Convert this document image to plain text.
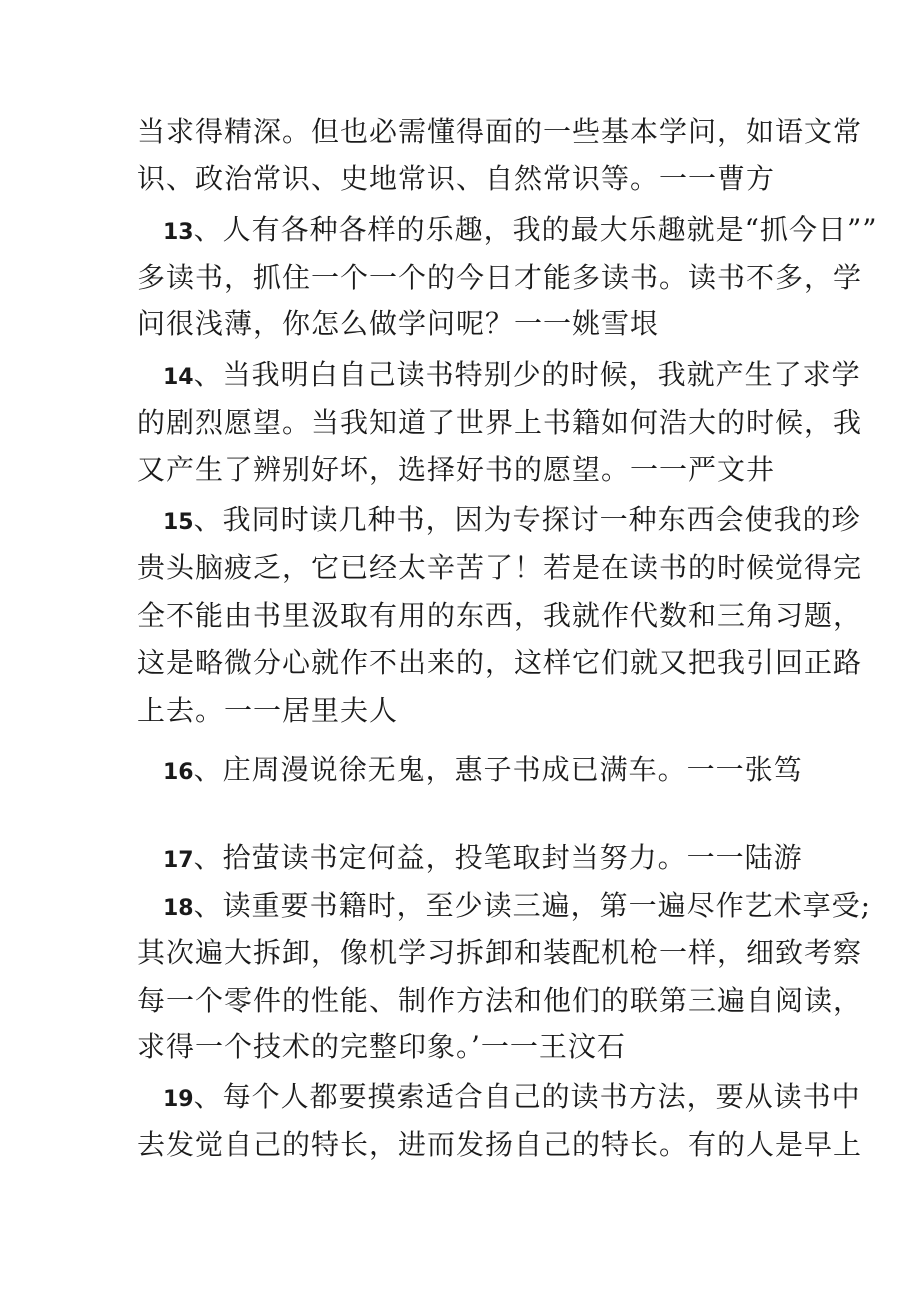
当求得精深。但也必需懂得面的一些基本学问，如语文常
识、政治常识、史地常识、自然常识等。一一曹方
13、人有各种各样的乐趣，我的最大乐趣就是“抓今日””
多读书，抓住一个一个的今日才能多读书。读书不多，学
问很浅薄，你怎么做学问呢？一一姚雪垠
14、当我明白自己读书特别少的时候，我就产生了求学
的剧烈愿望。当我知道了世界上书籍如何浩大的时候，我
又产生了辨别好坏，选择好书的愿望。一一严文井
15、我同时读几种书，因为专探讨一种东西会使我的珍
贵头脑疲乏，它已经太辛苦了！若是在读书的时候觉得完
全不能由书里汲取有用的东西，我就作代数和三角习题，
这是略微分心就作不出来的，这样它们就又把我引回正路
上去。一一居里夫人
16、庄周漫说徐无鬼，惠子书成已满车。一一张笃
17、拾萤读书定何益，投笔取封当努力。一一陆游
18、读重要书籍时，至少读三遍，第一遍尽作艺术享受;
其次遍大拆卸，像机学习拆卸和装配机枪一样，细致考察
每一个零件的性能、制作方法和他们的联第三遍自阅读，
求得一个技术的完整印象。’一一王汶石
19、每个人都要摸索适合自己的读书方法，要从读书中
去发觉自己的特长，进而发扬自己的特长。有的人是早上
